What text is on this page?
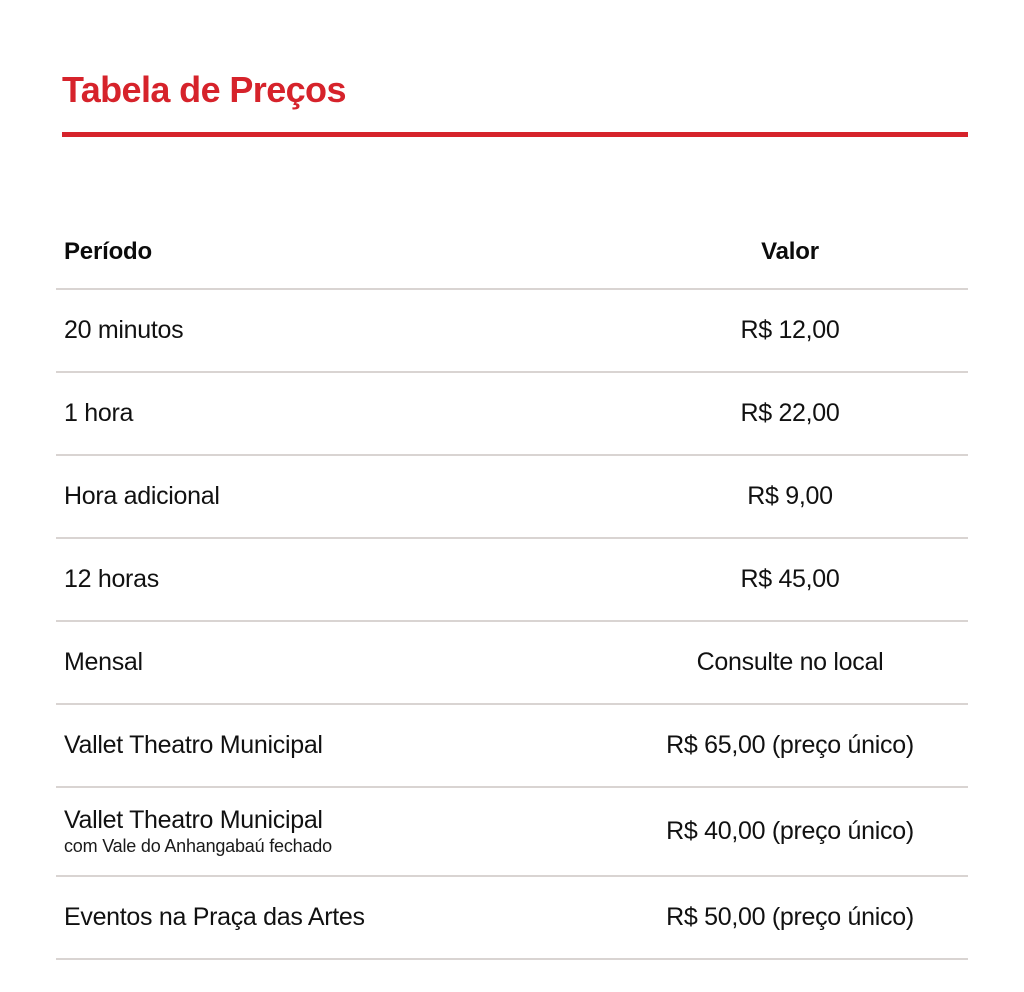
Tabela de Preços
Período	Valor

20 minutos	R$ 12,00

1 hora	R$ 22,00

Hora adicional	R$ 9,00

12 horas	R$ 45,00

Mensal	Consulte no local

Vallet Theatro Municipal	R$ 65,00 (preço único)

Vallet Theatro Municipal
com Vale do Anhangabaú fechado	R$ 40,00 (preço único)

Eventos na Praça das Artes	R$ 50,00 (preço único)
